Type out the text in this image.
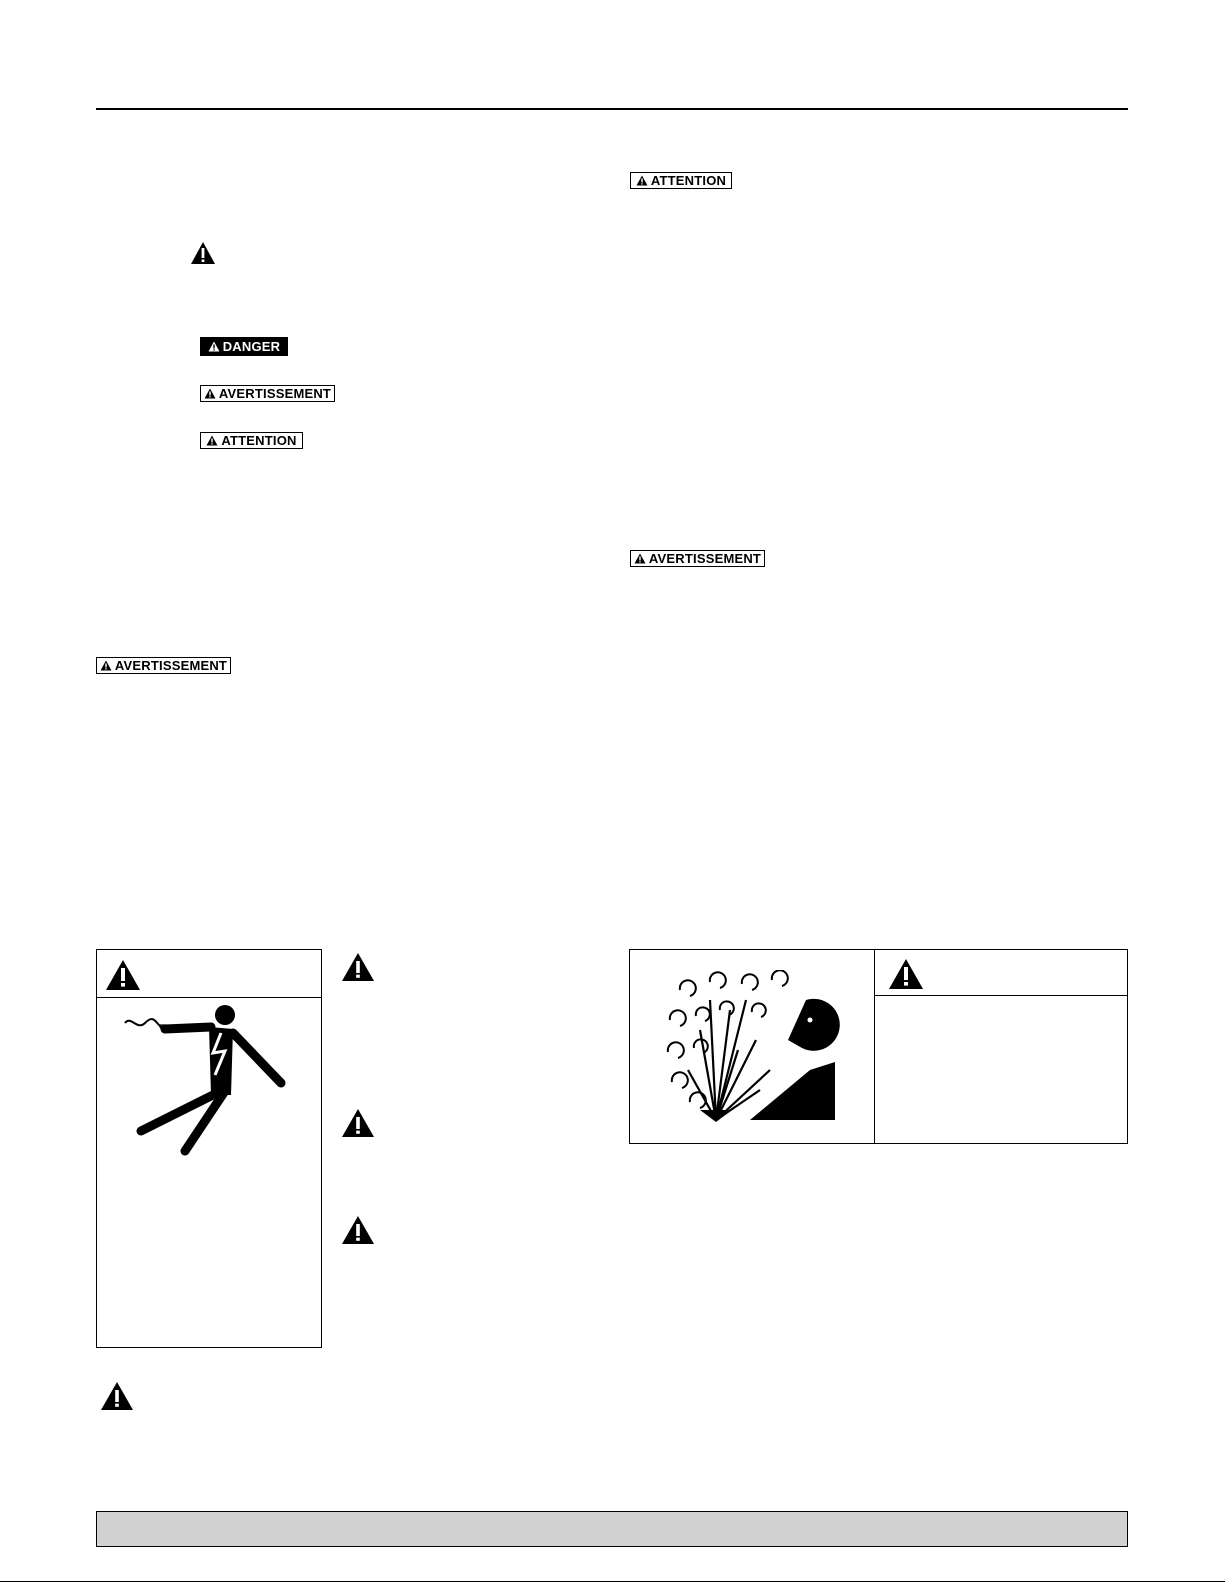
DANGER
AVERTISSEMENT
ATTENTION
AVERTISSEMENT
ATTENTION
AVERTISSEMENT
